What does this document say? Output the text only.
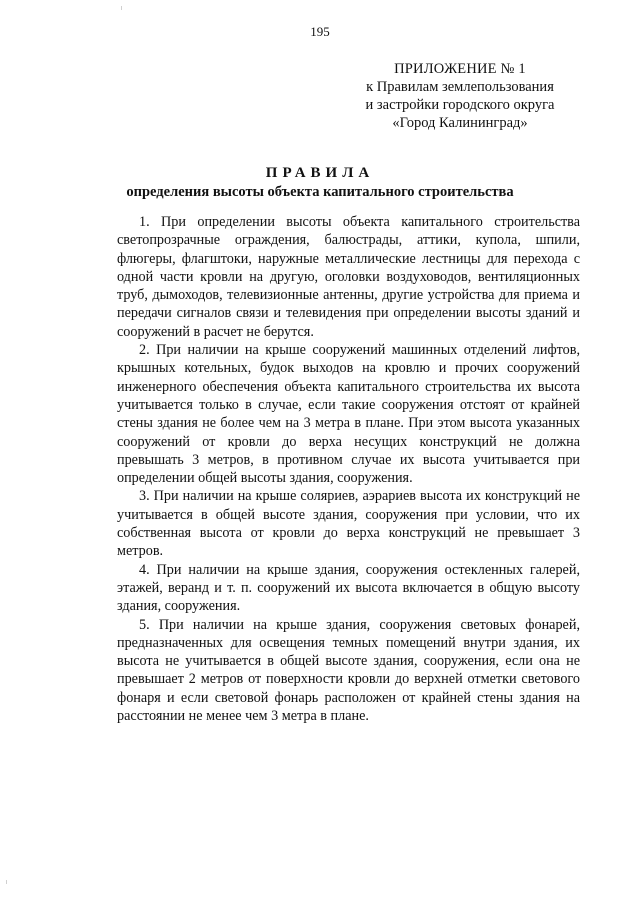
195
ПРИЛОЖЕНИЕ № 1
к Правилам землепользования
и застройки городского округа
«Город Калининград»
ПРАВИЛА
определения высоты объекта капитального строительства

1. При определении высоты объекта капитального строительства светопрозрачные ограждения, балюстрады, аттики, купола, шпили, флюгеры, флагштоки, наружные металлические лестницы для перехода с одной части кровли на другую, оголовки воздуховодов, вентиляционных труб, дымоходов, телевизионные антенны, другие устройства для приема и передачи сигналов связи и телевидения при определении высоты зданий и сооружений в расчет не берутся.

2. При наличии на крыше сооружений машинных отделений лифтов, крышных котельных, будок выходов на кровлю и прочих сооружений инженерного обеспечения объекта капитального строительства их высота учитывается только в случае, если такие сооружения отстоят от крайней стены здания не более чем на 3 метра в плане. При этом высота указанных сооружений от кровли до верха несущих конструкций не должна превышать 3 метров, в противном случае их высота учитывается при определении общей высоты здания, сооружения.

3. При наличии на крыше соляриев, аэрариев высота их конструкций не учитывается в общей высоте здания, сооружения при условии, что их собственная высота от кровли до верха конструкций не превышает 3 метров.

4. При наличии на крыше здания, сооружения остекленных галерей, этажей, веранд и т. п. сооружений их высота включается в общую высоту здания, сооружения.

5. При наличии на крыше здания, сооружения световых фонарей, предназначенных для освещения темных помещений внутри здания, их высота не учитывается в общей высоте здания, сооружения, если она не превышает 2 метров от поверхности кровли до верхней отметки светового фонаря и если световой фонарь расположен от крайней стены здания на расстоянии не менее чем 3 метра в плане.
